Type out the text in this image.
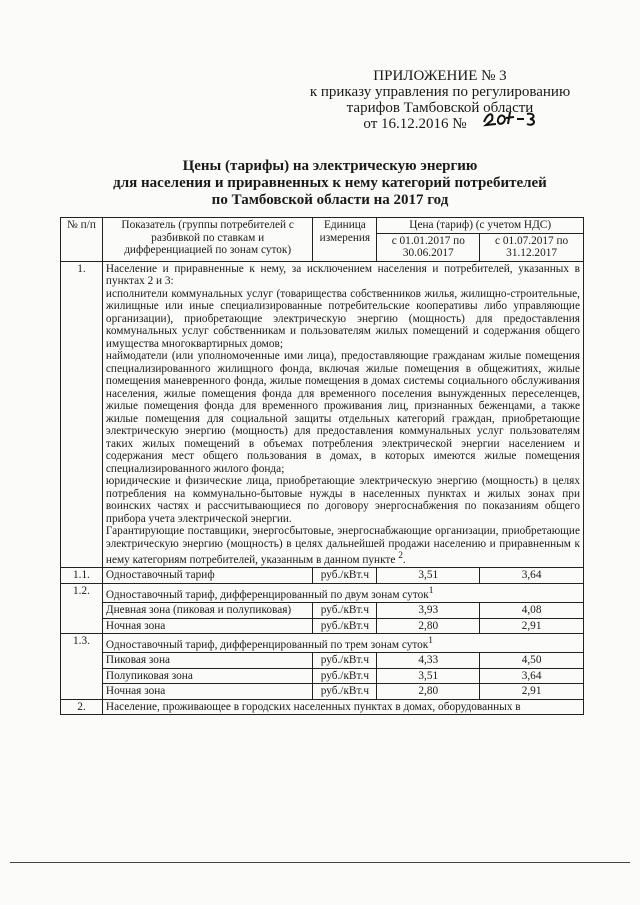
ПРИЛОЖЕНИЕ № 3
к приказу управления по регулированию
тарифов Тамбовской области
от 16.12.2016 №
Цены (тарифы) на электрическую энергию
для населения и приравненных к нему категорий потребителей
по Тамбовской области на 2017 год
№ п/п	Показатель (группы потребителей с разбивкой по ставкам и дифференциацией по зонам суток)	Единица измерения	Цена (тариф) (с учетом НДС)	
			с 01.01.2017 по 30.06.2017	с 01.07.2017 по 31.12.2017
1.	Население и приравненные к нему, за исключением населения и потребителей, указанных в пунктах 2 и 3:
исполнители коммунальных услуг (товарищества собственников жилья, жилищно-строительные, жилищные или иные специализированные потребительские кооперативы либо управляющие организации), приобретающие электрическую энергию (мощность) для предоставления коммунальных услуг собственникам и пользователям жилых помещений и содержания общего имущества многоквартирных домов;
наймодатели (или уполномоченные ими лица), предоставляющие гражданам жилые помещения специализированного жилищного фонда, включая жилые помещения в общежитиях, жилые помещения маневренного фонда, жилые помещения в домах системы социального обслуживания населения, жилые помещения фонда для временного поселения вынужденных переселенцев, жилые помещения фонда для временного проживания лиц, признанных беженцами, а также жилые помещения для социальной защиты отдельных категорий граждан, приобретающие электрическую энергию (мощность) для предоставления коммунальных услуг пользователям таких жилых помещений в объемах потребления электрической энергии населением и содержания мест общего пользования в домах, в которых имеются жилые помещения специализированного жилого фонда;
юридические и физические лица, приобретающие электрическую энергию (мощность) в целях потребления на коммунально-бытовые нужды в населенных пунктах и жилых зонах при воинских частях и рассчитывающиеся по договору энергоснабжения по показаниям общего прибора учета электрической энергии.
Гарантирующие поставщики, энергосбытовые, энергоснабжающие организации, приобретающие электрическую энергию (мощность) в целях дальнейшей продажи населению и приравненным к нему категориям потребителей, указанным в данном пункте $^2$.			

1.1.	Одноставочный тариф	руб./кВт.ч	3,51	3,64
1.2.	Одноставочный тариф, дифференцированный по двум зонам суток$^1$
	Дневная зона (пиковая и полупиковая)	руб./кВт.ч	3,93	4,08
	Ночная зона	руб./кВт.ч	2,80	2,91
1.3.	Одноставочный тариф, дифференцированный по трем зонам суток$^1$
	Пиковая зона	руб./кВт.ч	4,33	4,50
	Полупиковая зона	руб./кВт.ч	3,51	3,64
	Ночная зона	руб./кВт.ч	2,80	2,91
2.	Население, проживающее в городских населенных пунктах в домах, оборудованных в			
